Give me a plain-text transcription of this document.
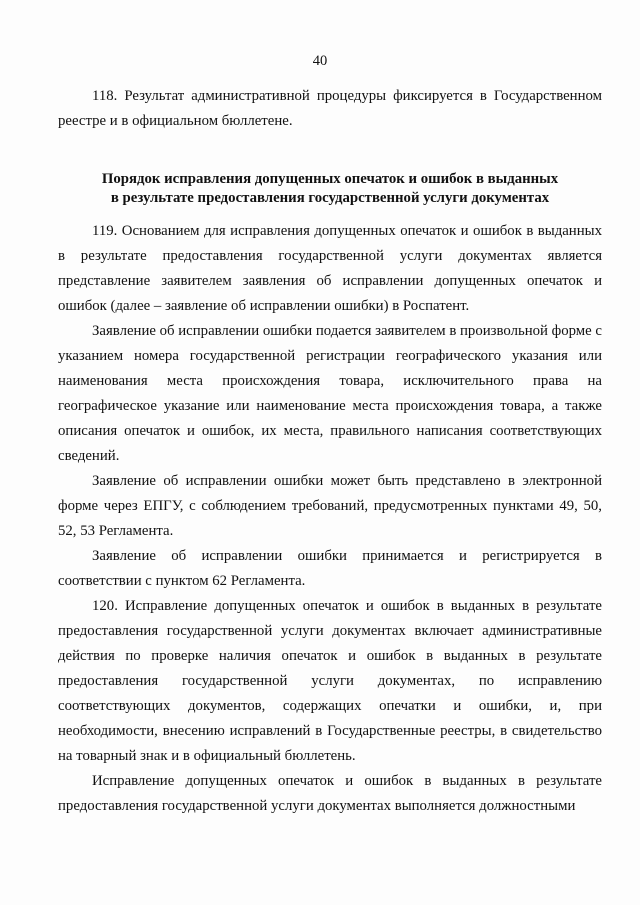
40

118. Результат административной процедуры фиксируется в Государственном реестре и в официальном бюллетене.

Порядок исправления допущенных опечаток и ошибок в выданных
в результате предоставления государственной услуги документах

119. Основанием для исправления допущенных опечаток и ошибок в выданных в результате предоставления государственной услуги документах является представление заявителем заявления об исправлении допущенных опечаток и ошибок (далее – заявление об исправлении ошибки) в Роспатент.

Заявление об исправлении ошибки подается заявителем в произвольной форме с указанием номера государственной регистрации географического указания или наименования места происхождения товара, исключительного права на географическое указание или наименование места происхождения товара, а также описания опечаток и ошибок, их места, правильного написания соответствующих сведений.

Заявление об исправлении ошибки может быть представлено в электронной форме через ЕПГУ, с соблюдением требований, предусмотренных пунктами 49, 50, 52, 53 Регламента.

Заявление об исправлении ошибки принимается и регистрируется в соответствии с пунктом 62 Регламента.

120. Исправление допущенных опечаток и ошибок в выданных в результате предоставления государственной услуги документах включает административные действия по проверке наличия опечаток и ошибок в выданных в результате предоставления государственной услуги документах, по исправлению соответствующих документов, содержащих опечатки и ошибки, и, при необходимости, внесению исправлений в Государственные реестры, в свидетельство на товарный знак и в официальный бюллетень.

Исправление допущенных опечаток и ошибок в выданных в результате предоставления государственной услуги документах выполняется должностными
